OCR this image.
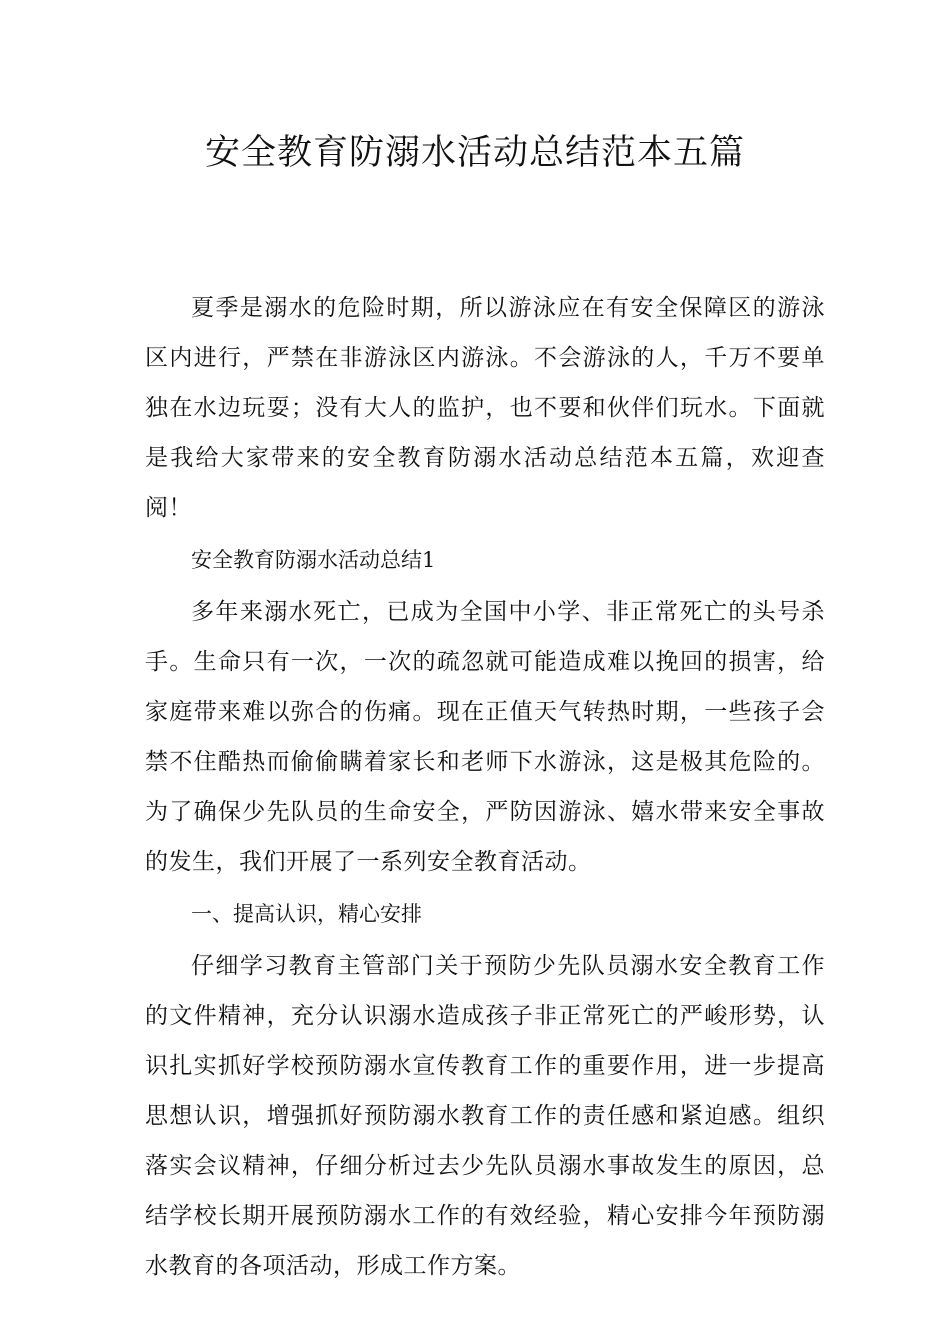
安全教育防溺水活动总结范本五篇

夏季是溺水的危险时期，所以游泳应在有安全保障区的游泳区内进行，严禁在非游泳区内游泳。不会游泳的人，千万不要单独在水边玩耍；没有大人的监护，也不要和伙伴们玩水。下面就是我给大家带来的安全教育防溺水活动总结范本五篇，欢迎查阅！

安全教育防溺水活动总结1

多年来溺水死亡，已成为全国中小学、非正常死亡的头号杀手。生命只有一次，一次的疏忽就可能造成难以挽回的损害，给家庭带来难以弥合的伤痛。现在正值天气转热时期，一些孩子会禁不住酷热而偷偷瞒着家长和老师下水游泳，这是极其危险的。为了确保少先队员的生命安全，严防因游泳、嬉水带来安全事故的发生，我们开展了一系列安全教育活动。

一、提高认识，精心安排

仔细学习教育主管部门关于预防少先队员溺水安全教育工作的文件精神，充分认识溺水造成孩子非正常死亡的严峻形势，认识扎实抓好学校预防溺水宣传教育工作的重要作用，进一步提高思想认识，增强抓好预防溺水教育工作的责任感和紧迫感。组织落实会议精神，仔细分析过去少先队员溺水事故发生的原因，总结学校长期开展预防溺水工作的有效经验，精心安排今年预防溺水教育的各项活动，形成工作方案。
